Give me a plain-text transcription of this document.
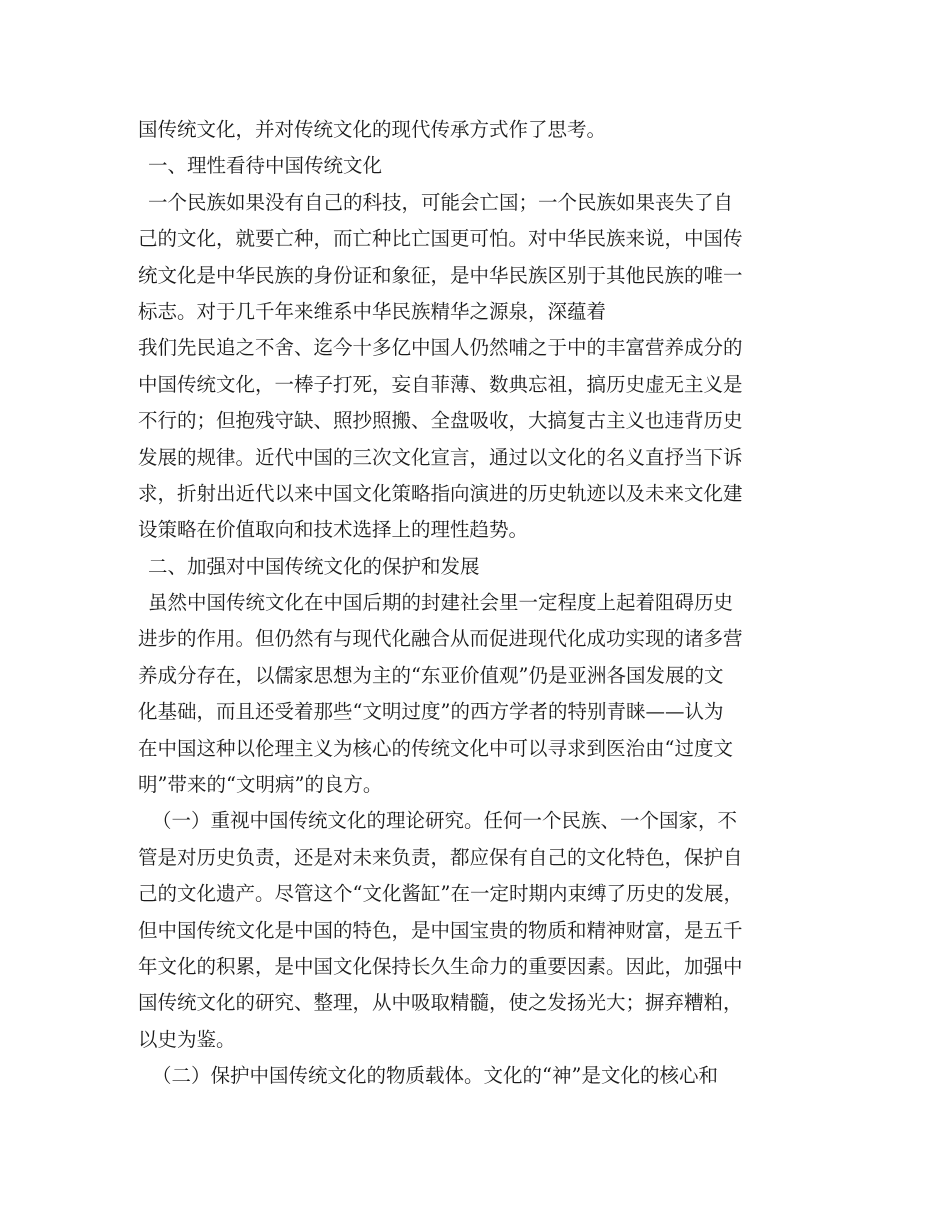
国传统文化，并对传统文化的现代传承方式作了思考。
一、理性看待中国传统文化
一个民族如果没有自己的科技，可能会亡国；一个民族如果丧失了自
己的文化，就要亡种，而亡种比亡国更可怕。对中华民族来说，中国传
统文化是中华民族的身份证和象征，是中华民族区别于其他民族的唯一
标志。对于几千年来维系中华民族精华之源泉，深蕴着
我们先民追之不舍、迄今十多亿中国人仍然哺之于中的丰富营养成分的
中国传统文化，一棒子打死，妄自菲薄、数典忘祖，搞历史虚无主义是
不行的；但抱残守缺、照抄照搬、全盘吸收，大搞复古主义也违背历史
发展的规律。近代中国的三次文化宣言，通过以文化的名义直抒当下诉
求，折射出近代以来中国文化策略指向演进的历史轨迹以及未来文化建
设策略在价值取向和技术选择上的理性趋势。
二、加强对中国传统文化的保护和发展
虽然中国传统文化在中国后期的封建社会里一定程度上起着阻碍历史
进步的作用。但仍然有与现代化融合从而促进现代化成功实现的诸多营
养成分存在，以儒家思想为主的“东亚价值观”仍是亚洲各国发展的文
化基础，而且还受着那些“文明过度”的西方学者的特别青睐——认为
在中国这种以伦理主义为核心的传统文化中可以寻求到医治由“过度文
明”带来的“文明病”的良方。
（一）重视中国传统文化的理论研究。任何一个民族、一个国家，不
管是对历史负责，还是对未来负责，都应保有自己的文化特色，保护自
己的文化遗产。尽管这个“文化酱缸”在一定时期内束缚了历史的发展，
但中国传统文化是中国的特色，是中国宝贵的物质和精神财富，是五千
年文化的积累，是中国文化保持长久生命力的重要因素。因此，加强中
国传统文化的研究、整理，从中吸取精髓，使之发扬光大；摒弃糟粕，
以史为鉴。
（二）保护中国传统文化的物质载体。文化的“神”是文化的核心和
